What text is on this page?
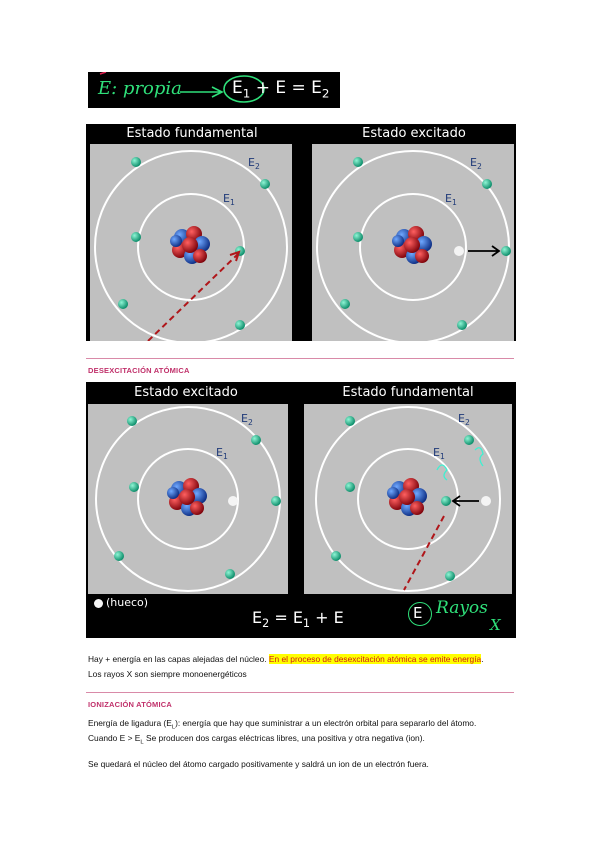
E: propia	$E_1 + E = E_2$
Estado fundamental	Estado excitado
$E_1$
$E_2$
$E_1$
$E_2$
DESEXCITACIÓN ATÓMICA
Estado excitado	Estado fundamental
$E_1$
$E_2$
$E_1$
$E_2$
(hueco)
$E_2 = E_1 + E$	E Rayos
X
Hay + energía en las capas alejadas del núcleo. En el proceso de desexcitación atómica se emite energía.
Los rayos X son siempre monoenergéticos
IONIZACIÓN ATÓMICA
Energía de ligadura $(E_L)$: energía que hay que suministrar a un electrón orbital para separarlo del átomo.
Cuando $E > E_L$ Se producen dos cargas eléctricas libres, una positiva y otra negativa (ion).
Se quedará el núcleo del átomo cargado positivamente y saldrá un ion de un electrón fuera.
